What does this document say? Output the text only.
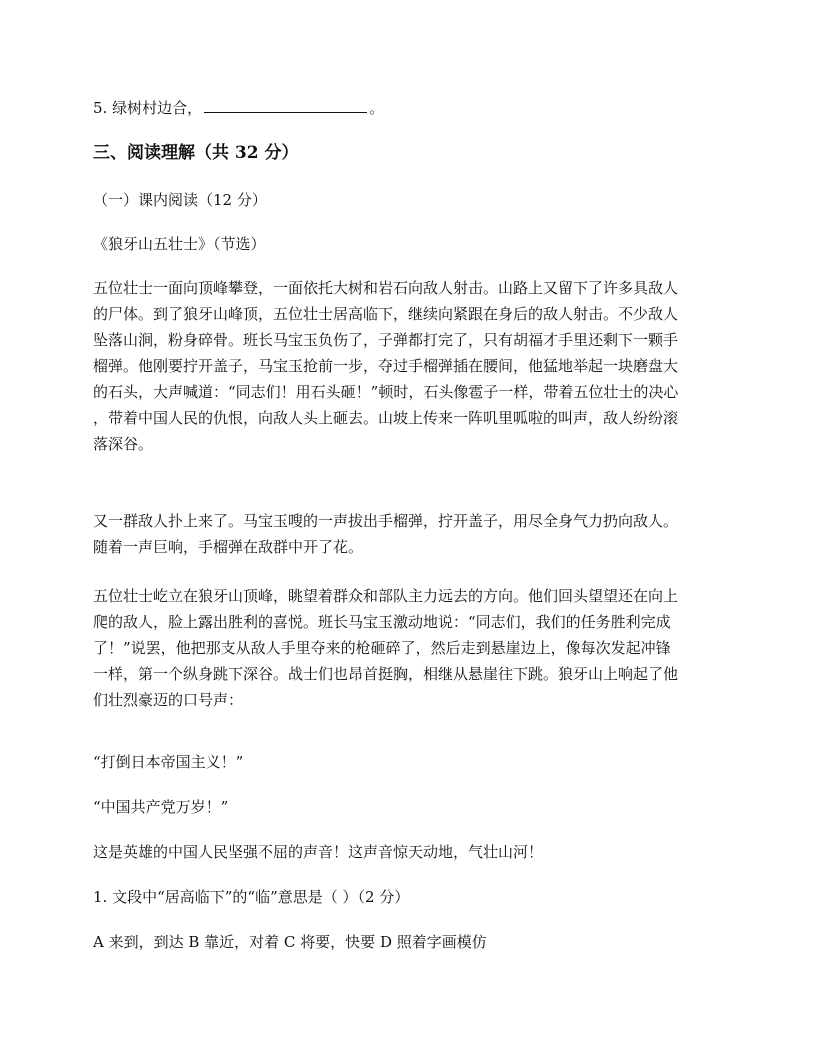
5. 绿树村边合，	。
三、阅读理解（共 32 分）
（一）课内阅读（12 分）
《狼牙山五壮士》（节选）
五位壮士一面向顶峰攀登，一面依托大树和岩石向敌人射击。山路上又留下了许多具敌人
的尸体。到了狼牙山峰顶，五位壮士居高临下，继续向紧跟在身后的敌人射击。不少敌人
坠落山涧，粉身碎骨。班长马宝玉负伤了，子弹都打完了，只有胡福才手里还剩下一颗手
榴弹。他刚要拧开盖子，马宝玉抢前一步，夺过手榴弹插在腰间，他猛地举起一块磨盘大
的石头，大声喊道：“同志们！用石头砸！”顿时，石头像雹子一样，带着五位壮士的决心
，带着中国人民的仇恨，向敌人头上砸去。山坡上传来一阵叽里呱啦的叫声，敌人纷纷滚
落深谷。
又一群敌人扑上来了。马宝玉嗖的一声拔出手榴弹，拧开盖子，用尽全身气力扔向敌人。
随着一声巨响，手榴弹在敌群中开了花。
五位壮士屹立在狼牙山顶峰，眺望着群众和部队主力远去的方向。他们回头望望还在向上
爬的敌人，脸上露出胜利的喜悦。班长马宝玉激动地说：“同志们，我们的任务胜利完成
了！”说罢，他把那支从敌人手里夺来的枪砸碎了，然后走到悬崖边上，像每次发起冲锋
一样，第一个纵身跳下深谷。战士们也昂首挺胸，相继从悬崖往下跳。狼牙山上响起了他
们壮烈豪迈的口号声：
“打倒日本帝国主义！”
“中国共产党万岁！”
这是英雄的中国人民坚强不屈的声音！这声音惊天动地，气壮山河！
1. 文段中“居高临下”的“临”意思是（ ）（2 分）
A 来到，到达 B 靠近，对着 C 将要，快要 D 照着字画模仿
